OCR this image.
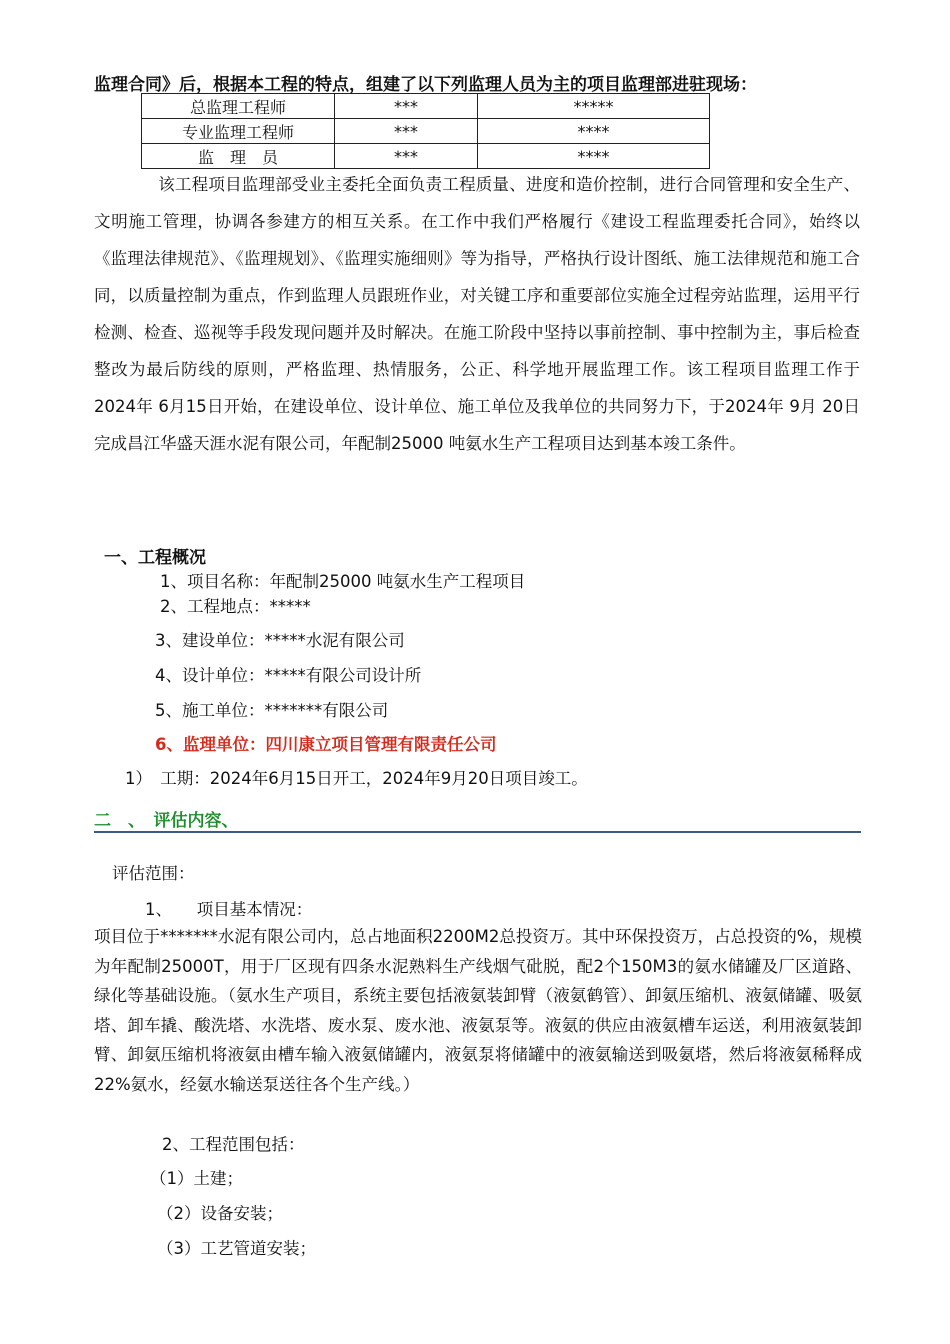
监理合同》后，根据本工程的特点，组建了以下列监理人员为主的项目监理部进驻现场：
总监理工程师	***	*****
专业监理工程师	***	****
监　理　员	***	****
该工程项目监理部受业主委托全面负责工程质量、进度和造价控制，进行合同管理和安全生产、文明施工管理，协调各参建方的相互关系。在工作中我们严格履行《建设工程监理委托合同》，始终以《监理法律规范》、《监理规划》、《监理实施细则》等为指导，严格执行设计图纸、施工法律规范和施工合同，以质量控制为重点，作到监理人员跟班作业，对关键工序和重要部位实施全过程旁站监理，运用平行检测、检查、巡视等手段发现问题并及时解决。在施工阶段中坚持以事前控制、事中控制为主，事后检查整改为最后防线的原则，严格监理、热情服务，公正、科学地开展监理工作。该工程项目监理工作于2024年 6月15日开始，在建设单位、设计单位、施工单位及我单位的共同努力下，于2024年 9月 20日完成昌江华盛天涯水泥有限公司，年配制25000 吨氨水生产工程项目达到基本竣工条件。
一、工程概况
1、项目名称：年配制25000 吨氨水生产工程项目
2、工程地点：*****
3、建设单位：*****水泥有限公司
4、设计单位：*****有限公司设计所
5、施工单位：*******有限公司
6、监理单位：四川康立项目管理有限责任公司
1）　工期：2024年6月15日开工，2024年9月20日项目竣工。
二　、　评估内容、
评估范围：
1、　　项目基本情况：
项目位于*******水泥有限公司内，总占地面积2200M2总投资万。其中环保投资万，占总投资的%，规模为年配制25000T，用于厂区现有四条水泥熟料生产线烟气砒脱，配2个150M3的氨水储罐及厂区道路、绿化等基础设施。（氨水生产项目，系统主要包括液氨装卸臂（液氨鹤管）、卸氨压缩机、液氨储罐、吸氨塔、卸车撬、酸洗塔、水洗塔、废水泵、废水池、液氨泵等。液氨的供应由液氨槽车运送，利用液氨装卸臂、卸氨压缩机将液氨由槽车输入液氨储罐内，液氨泵将储罐中的液氨输送到吸氨塔，然后将液氨稀释成22%氨水，经氨水输送泵送往各个生产线。）
2、工程范围包括：
（1）土建；
（2）设备安装；
（3）工艺管道安装；
